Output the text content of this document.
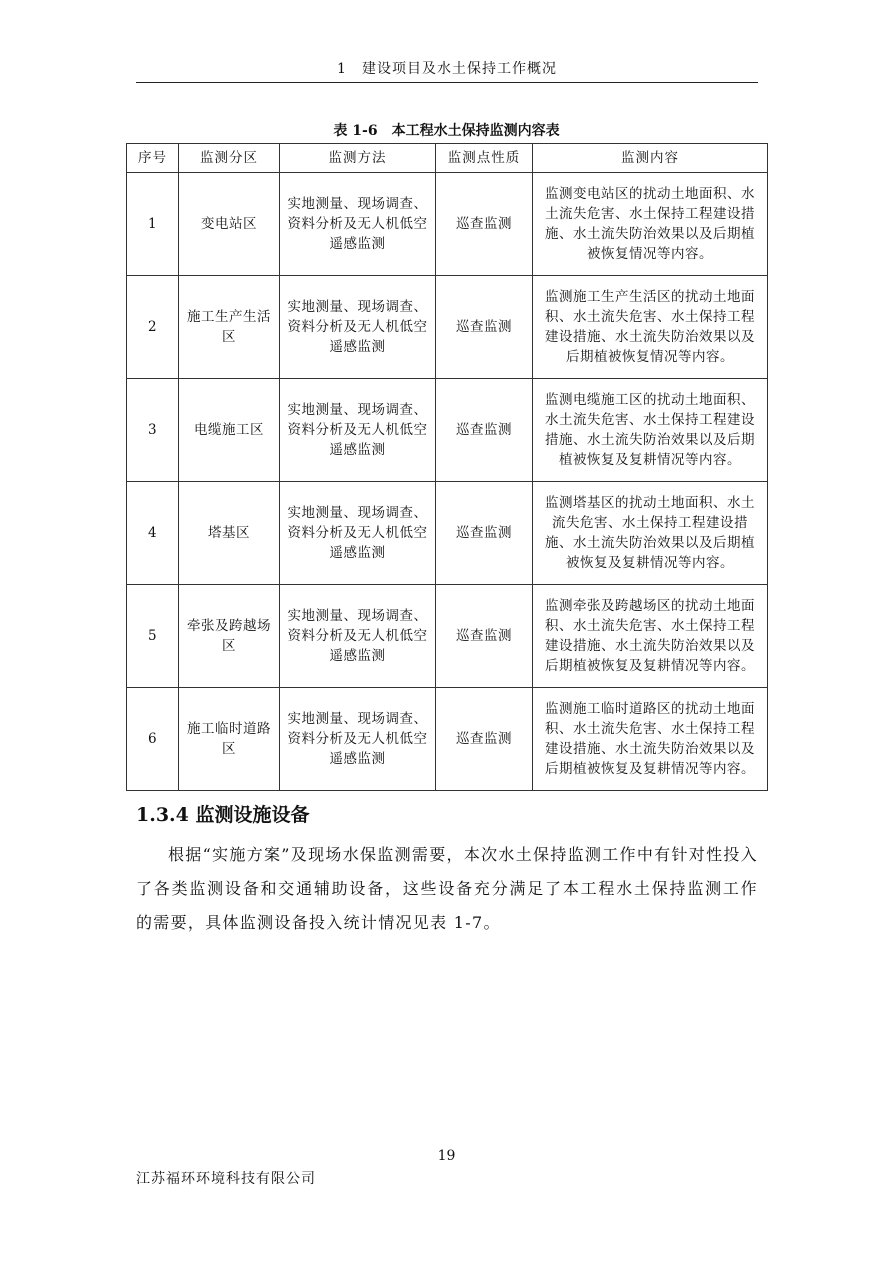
1　建设项目及水土保持工作概况
表 1-6　本工程水土保持监测内容表
序号	监测分区	监测方法	监测点性质	监测内容
1	变电站区	实地测量、现场调查、资料分析及无人机低空遥感监测	巡查监测	监测变电站区的扰动土地面积、水土流失危害、水土保持工程建设措施、水土流失防治效果以及后期植被恢复情况等内容。
2	施工生产生活区	实地测量、现场调查、资料分析及无人机低空遥感监测	巡查监测	监测施工生产生活区的扰动土地面积、水土流失危害、水土保持工程建设措施、水土流失防治效果以及后期植被恢复情况等内容。
3	电缆施工区	实地测量、现场调查、资料分析及无人机低空遥感监测	巡查监测	监测电缆施工区的扰动土地面积、水土流失危害、水土保持工程建设措施、水土流失防治效果以及后期植被恢复及复耕情况等内容。
4	塔基区	实地测量、现场调查、资料分析及无人机低空遥感监测	巡查监测	监测塔基区的扰动土地面积、水土流失危害、水土保持工程建设措施、水土流失防治效果以及后期植被恢复及复耕情况等内容。
5	牵张及跨越场区	实地测量、现场调查、资料分析及无人机低空遥感监测	巡查监测	监测牵张及跨越场区的扰动土地面积、水土流失危害、水土保持工程建设措施、水土流失防治效果以及后期植被恢复及复耕情况等内容。
6	施工临时道路区	实地测量、现场调查、资料分析及无人机低空遥感监测	巡查监测	监测施工临时道路区的扰动土地面积、水土流失危害、水土保持工程建设措施、水土流失防治效果以及后期植被恢复及复耕情况等内容。
1.3.4 监测设施设备

根据“实施方案”及现场水保监测需要，本次水土保持监测工作中有针对性投入了各类监测设备和交通辅助设备，这些设备充分满足了本工程水土保持监测工作的需要，具体监测设备投入统计情况见表 1-7。

19
江苏福环环境科技有限公司
